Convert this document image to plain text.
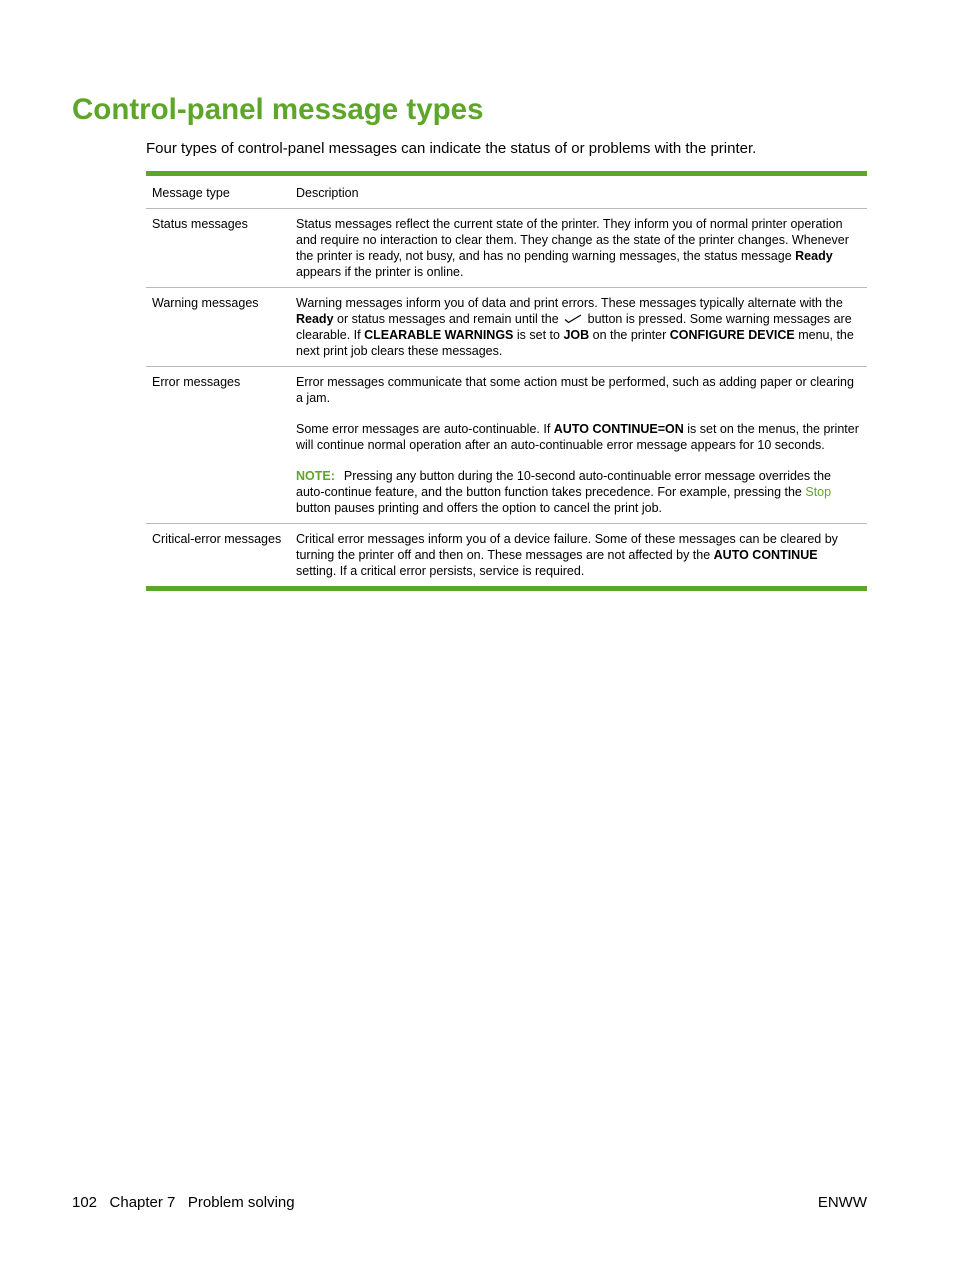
Control-panel message types
Four types of control-panel messages can indicate the status of or problems with the printer.
Message type	Description
Status messages	Status messages reflect the current state of the printer. They inform you of normal printer operation and require no interaction to clear them. They change as the state of the printer changes. Whenever the printer is ready, not busy, and has no pending warning messages, the status message Ready appears if the printer is online.

Warning messages	Warning messages inform you of data and print errors. These messages typically alternate with the Ready or status messages and remain until the button is pressed. Some warning messages are clearable. If CLEARABLE WARNINGS is set to JOB on the printer CONFIGURE DEVICE menu, the next print job clears these messages.

Error messages	Error messages communicate that some action must be performed, such as adding paper or clearing a jam.

Some error messages are auto-continuable. If AUTO CONTINUE=ON is set on the menus, the printer will continue normal operation after an auto-continuable error message appears for 10 seconds.

NOTE: Pressing any button during the 10-second auto-continuable error message overrides the auto-continue feature, and the button function takes precedence. For example, pressing the Stop button pauses printing and offers the option to cancel the print job.

Critical-error messages	Critical error messages inform you of a device failure. Some of these messages can be cleared by turning the printer off and then on. These messages are not affected by the AUTO CONTINUE setting. If a critical error persists, service is required.

102   Chapter 7   Problem solving	ENWW
